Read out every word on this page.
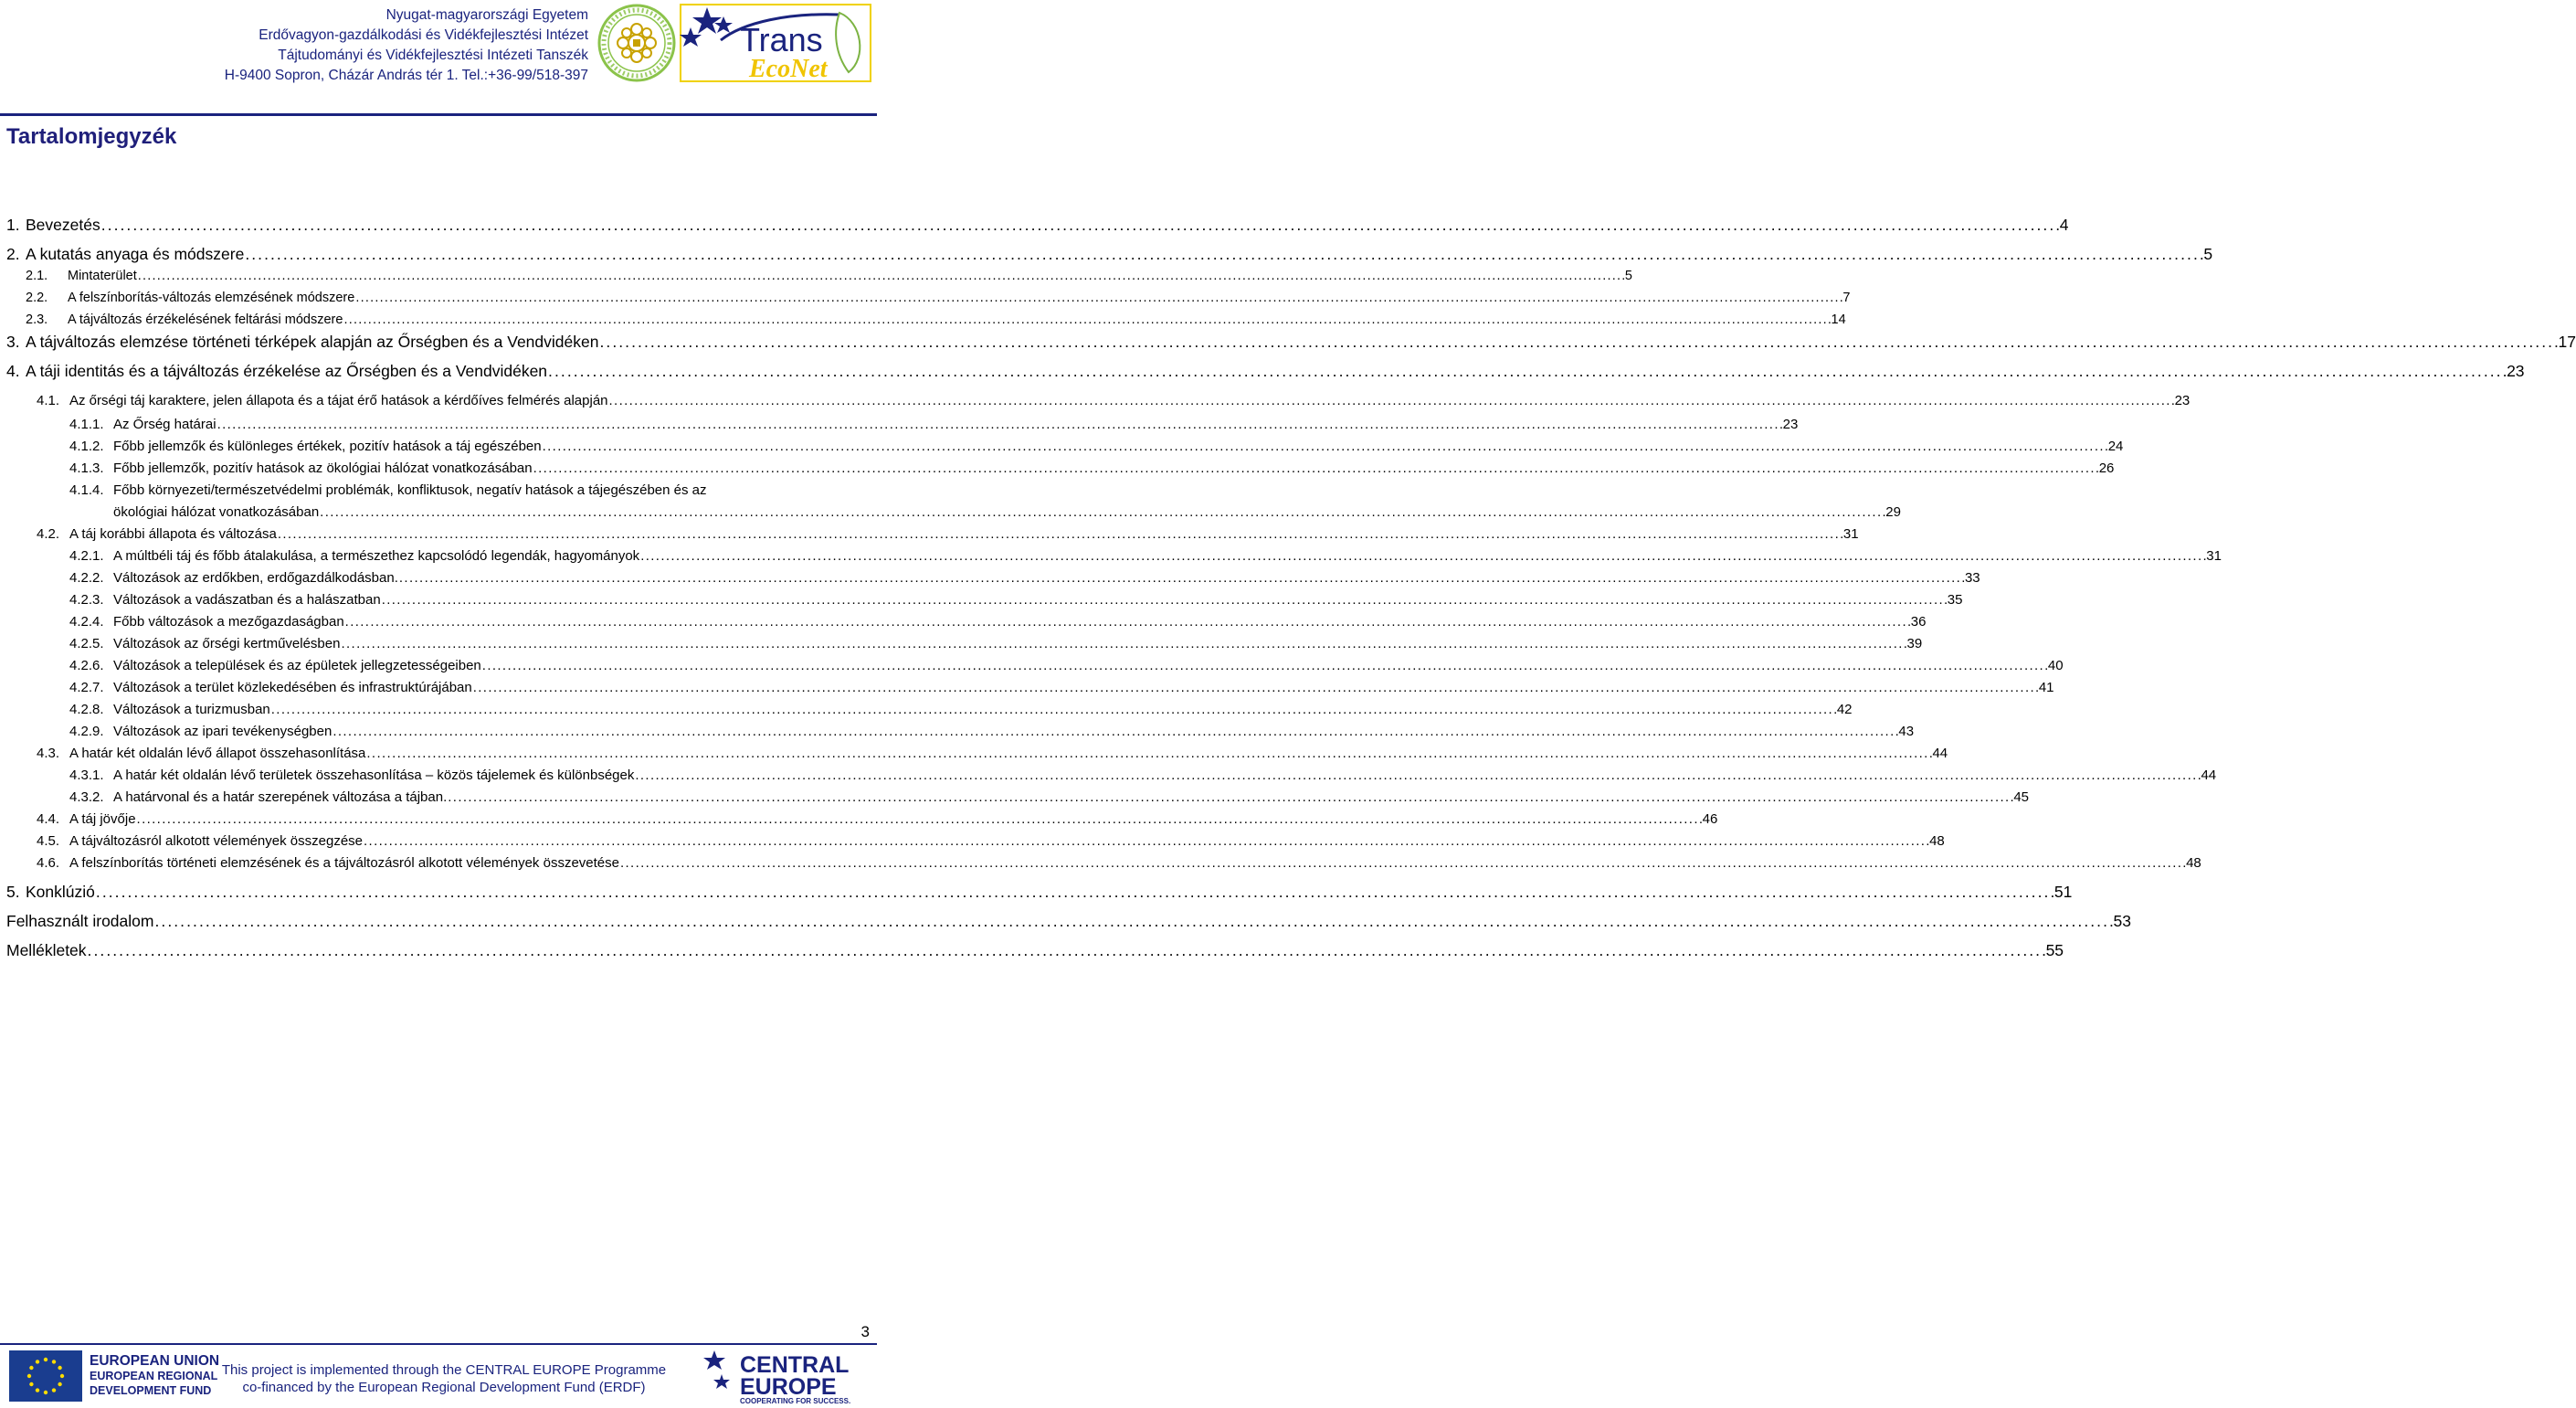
Nyugat-magyarországi Egyetem
Erdővagyon-gazdálkodási és Vidékfejlesztési Intézet
Tájtudományi és Vidékfejlesztési Intézeti Tanszék
H-9400 Sopron, Cházár András tér 1. Tel.:+36-99/518-397
Trans
EcoNet
Tartalomjegyzék
1. Bevezetés . . .	4
2. A kutatás anyaga és módszere . . .	5
2.1.	Mintaterület . . .	5
2.2.	A felszínborítás-változás elemzésének módszere . . .	7
2.3.	A tájváltozás érzékelésének feltárási módszere . . .	14
3. A tájváltozás elemzése történeti térképek alapján az Őrségben és a Vendvidéken . . .	17
4. A táji identitás és a tájváltozás érzékelése az Őrségben és a Vendvidéken . . .	23
4.1. Az őrségi táj karaktere, jelen állapota és a tájat érő hatások a kérdőíves felmérés alapján . . .	23
4.1.1. Az Őrség határai . . .	23
4.1.2. Főbb jellemzők és különleges értékek, pozitív hatások a táj egészében . . .	24
4.1.3. Főbb jellemzők, pozitív hatások az ökológiai hálózat vonatkozásában . . .	26
4.1.4. Főbb környezeti/természetvédelmi problémák, konfliktusok, negatív hatások a tájegészében és az
ökológiai hálózat vonatkozásában . . .	29
4.2. A táj korábbi állapota és változása . . .	31
4.2.1. A múltbéli táj és főbb átalakulása, a természethez kapcsolódó legendák, hagyományok . . .	31
4.2.2. Változások az erdőkben, erdőgazdálkodásban. . . .	33
4.2.3. Változások a vadászatban és a halászatban . . .	35
4.2.4. Főbb változások a mezőgazdaságban . . .	36
4.2.5. Változások az őrségi kertművelésben . . .	39
4.2.6. Változások a települések és az épületek jellegzetességeiben . . .	40
4.2.7. Változások a terület közlekedésében és infrastruktúrájában . . .	41
4.2.8. Változások a turizmusban . . .	42
4.2.9. Változások az ipari tevékenységben . . .	43
4.3. A határ két oldalán lévő állapot összehasonlítása . . .	44
4.3.1. A határ két oldalán lévő területek összehasonlítása – közös tájelemek és különbségek . . .	44
4.3.2. A határvonal és a határ szerepének változása a tájban. . . .	45
4.4. A táj jövője . . .	46
4.5. A tájváltozásról alkotott vélemények összegzése . . .	48
4.6. A felszínborítás történeti elemzésének és a tájváltozásról alkotott vélemények összevetése . . .	48
5. Konklúzió . . .	51
Felhasznált irodalom . . .	53
Mellékletek . . .	55
3
EUROPEAN UNION
EUROPEAN REGIONAL
DEVELOPMENT FUND
This project is implemented through the CENTRAL EUROPE Programme
co-financed by the European Regional Development Fund (ERDF)
CENTRAL
EUROPE
COOPERATING FOR SUCCESS.
